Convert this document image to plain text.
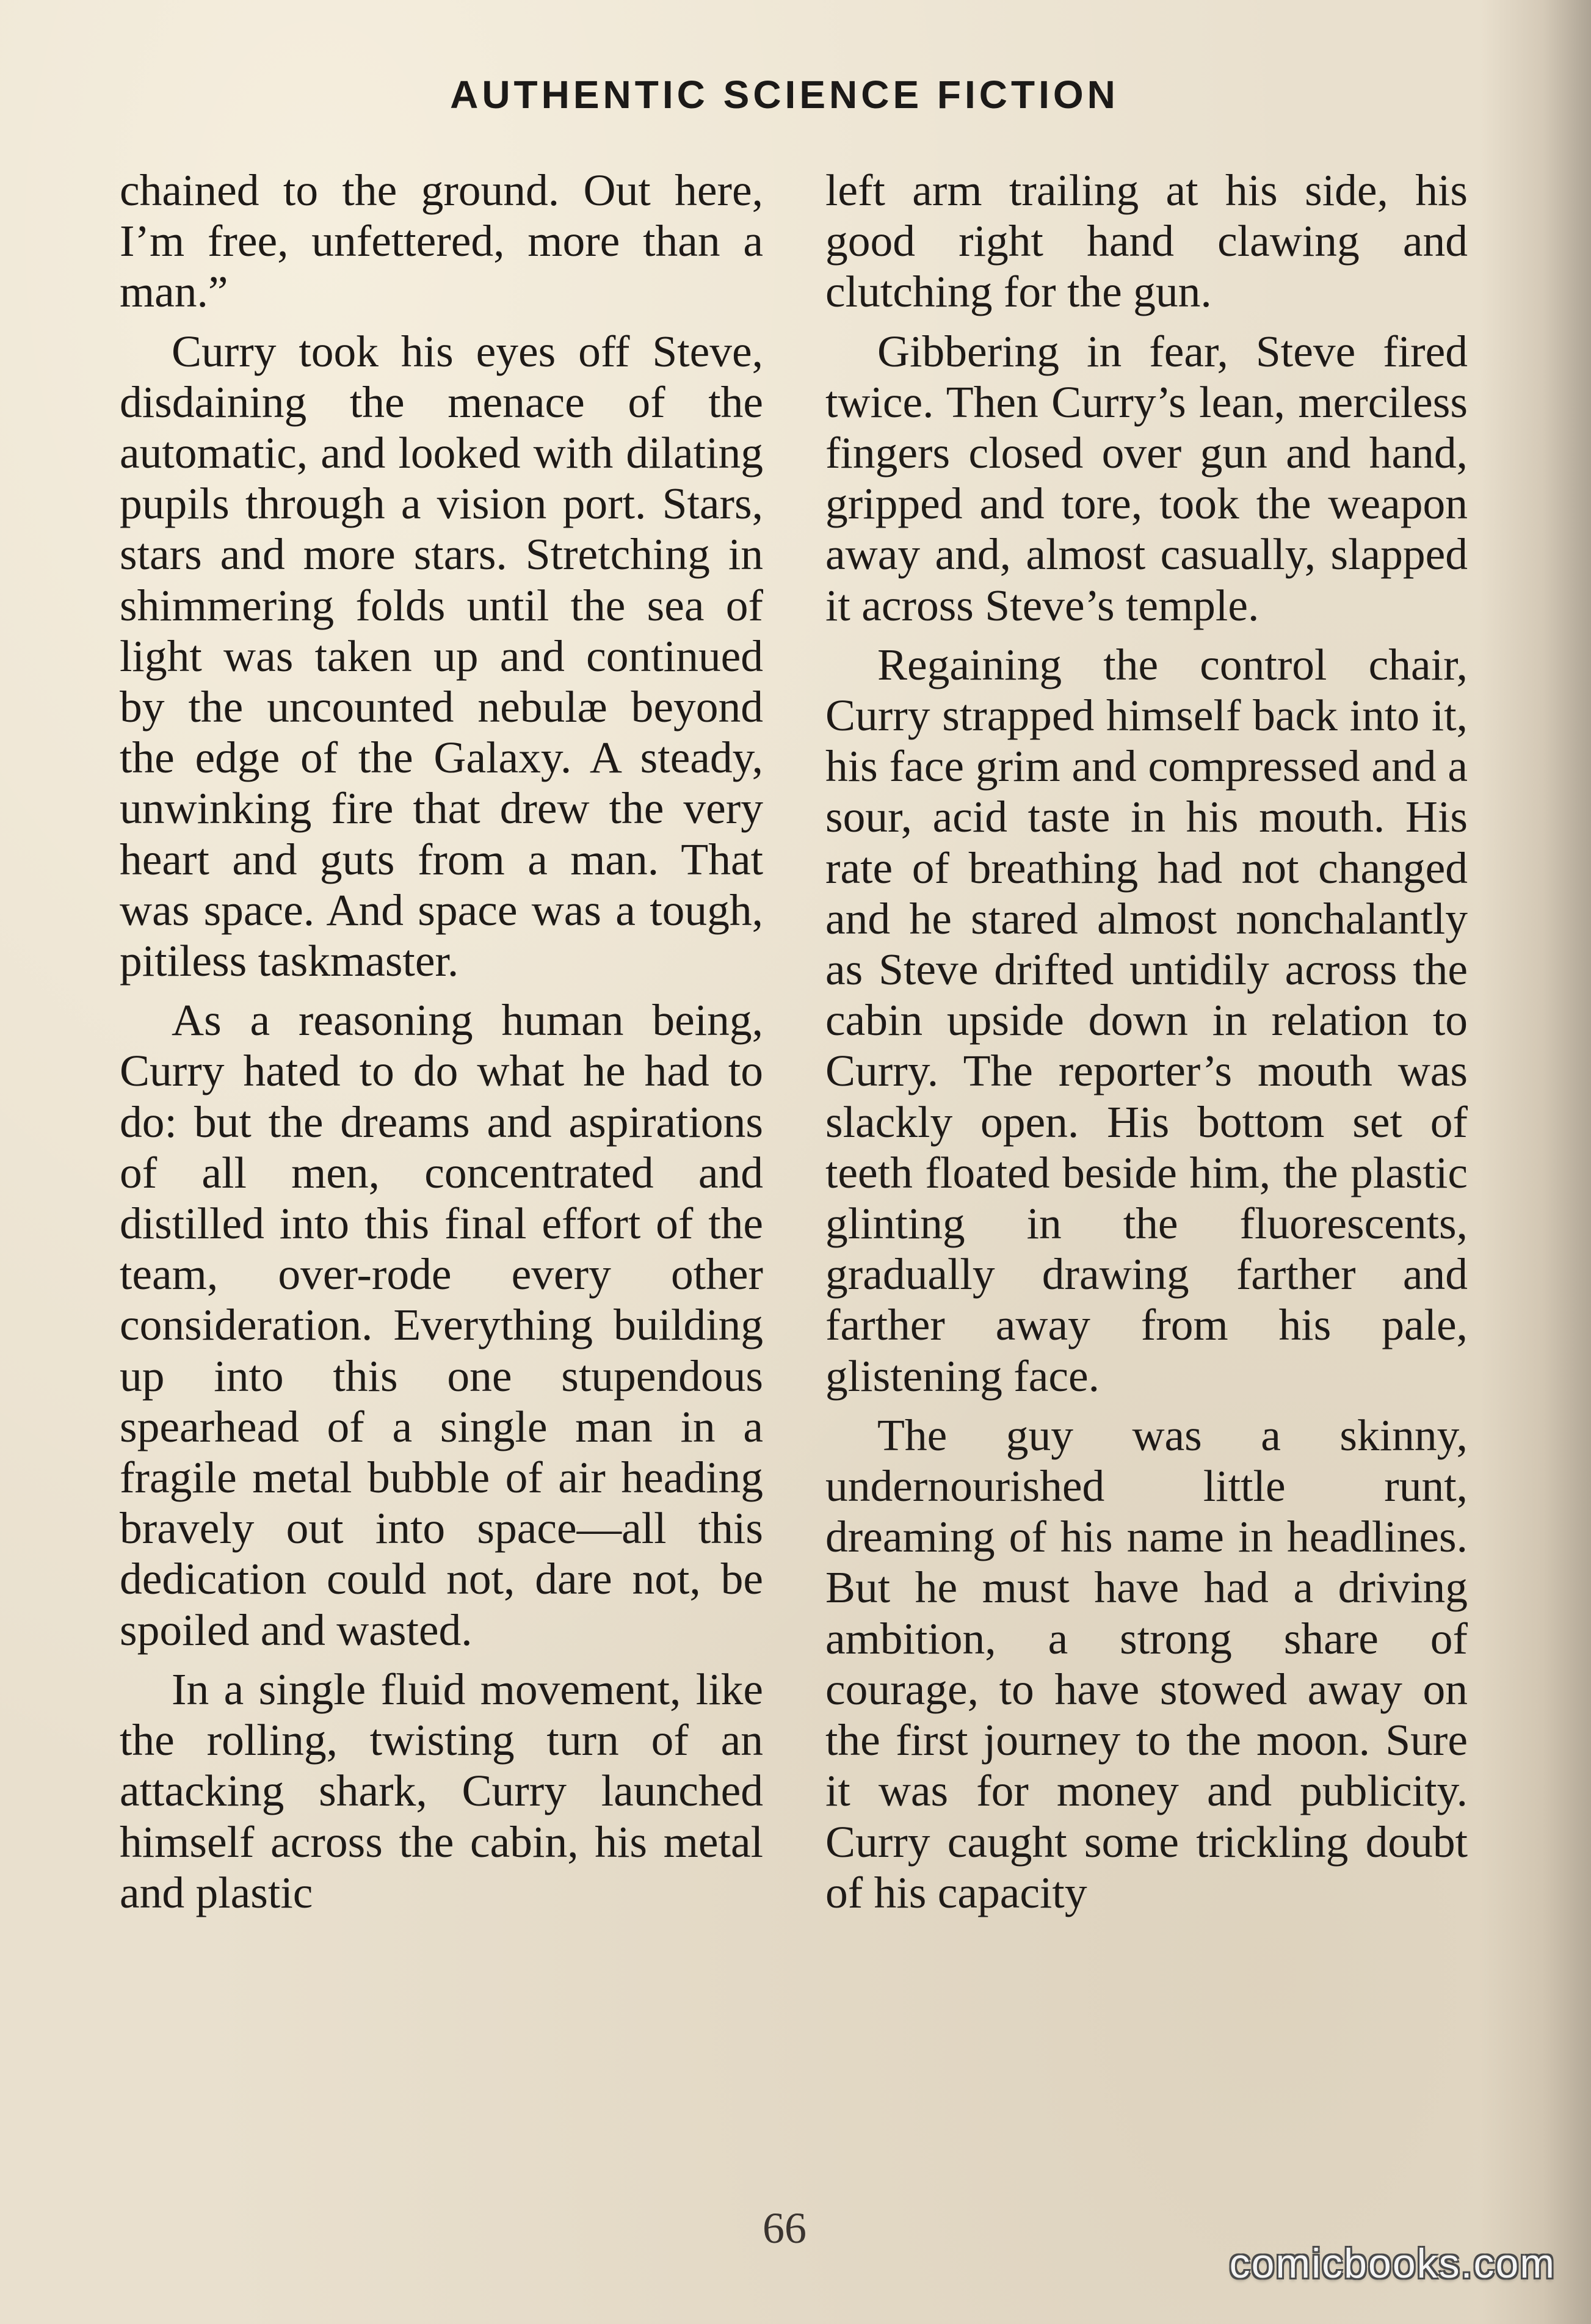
AUTHENTIC SCIENCE FICTION

chained to the ground. Out here, I’m free, unfettered, more than a man.”

Curry took his eyes off Steve, disdaining the menace of the automatic, and looked with dilating pupils through a vision port. Stars, stars and more stars. Stretching in shimmering folds until the sea of light was taken up and continued by the uncounted nebulæ beyond the edge of the Galaxy. A steady, unwinking fire that drew the very heart and guts from a man. That was space. And space was a tough, pitiless taskmaster.

As a reasoning human being, Curry hated to do what he had to do: but the dreams and aspirations of all men, concentrated and distilled into this final effort of the team, over-rode every other consideration. Everything building up into this one stupendous spearhead of a single man in a fragile metal bubble of air heading bravely out into space—all this dedication could not, dare not, be spoiled and wasted.

In a single fluid movement, like the rolling, twisting turn of an attacking shark, Curry launched himself across the cabin, his metal and plastic

left arm trailing at his side, his good right hand clawing and clutching for the gun.

Gibbering in fear, Steve fired twice. Then Curry’s lean, merciless fingers closed over gun and hand, gripped and tore, took the weapon away and, almost casually, slapped it across Steve’s temple.

Regaining the control chair, Curry strapped himself back into it, his face grim and compressed and a sour, acid taste in his mouth. His rate of breathing had not changed and he stared almost nonchalantly as Steve drifted untidily across the cabin upside down in relation to Curry. The reporter’s mouth was slackly open. His bottom set of teeth floated beside him, the plastic glinting in the fluorescents, gradually drawing farther and farther away from his pale, glistening face.

The guy was a skinny, undernourished little runt, dreaming of his name in headlines. But he must have had a driving ambition, a strong share of courage, to have stowed away on the first journey to the moon. Sure it was for money and publicity. Curry caught some trickling doubt of his capacity

66
comicbooks.com
